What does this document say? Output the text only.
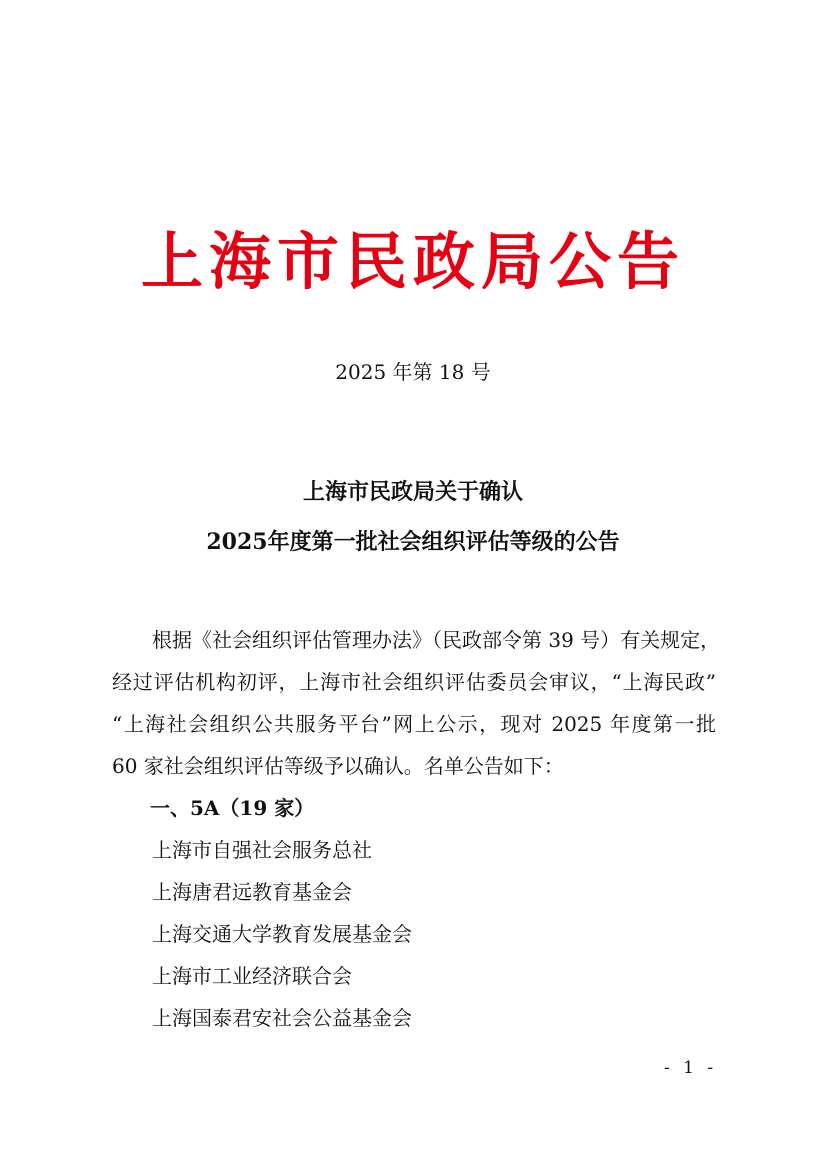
上海市民政局公告
2025 年第 18 号
上海市民政局关于确认
2025年度第一批社会组织评估等级的公告
根据《社会组织评估管理办法》（民政部令第 39 号）有关规定，
经过评估机构初评，上海市社会组织评估委员会审议，“上海民政”
“上海社会组织公共服务平台”网上公示，现对 2025 年度第一批
60 家社会组织评估等级予以确认。名单公告如下：
一、5A（19 家）
上海市自强社会服务总社
上海唐君远教育基金会
上海交通大学教育发展基金会
上海市工业经济联合会
上海国泰君安社会公益基金会
- 1 -
